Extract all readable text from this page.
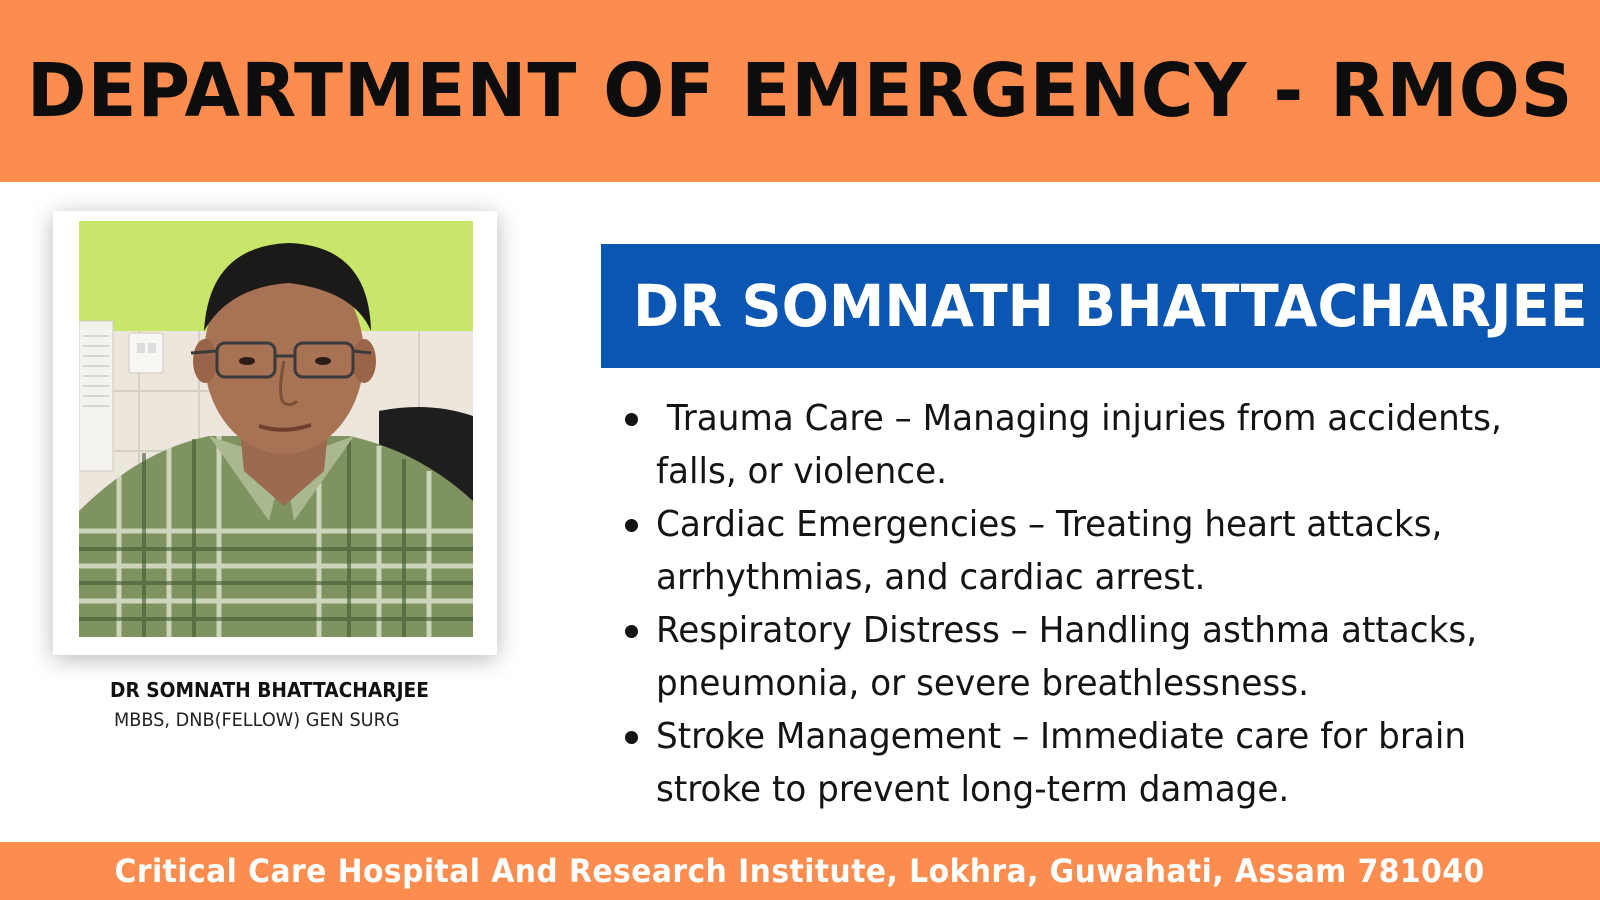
DEPARTMENT OF EMERGENCY - RMOS
DR SOMNATH BHATTACHARJEE
MBBS, DNB(FELLOW) GEN SURG
DR SOMNATH BHATTACHARJEE
Trauma Care – Managing injuries from accidents, falls, or violence.
Cardiac Emergencies – Treating heart attacks, arrhythmias, and cardiac arrest.
Respiratory Distress – Handling asthma attacks, pneumonia, or severe breathlessness.
Stroke Management – Immediate care for brain stroke to prevent long-term damage.
Critical Care Hospital And Research Institute, Lokhra, Guwahati, Assam 781040
